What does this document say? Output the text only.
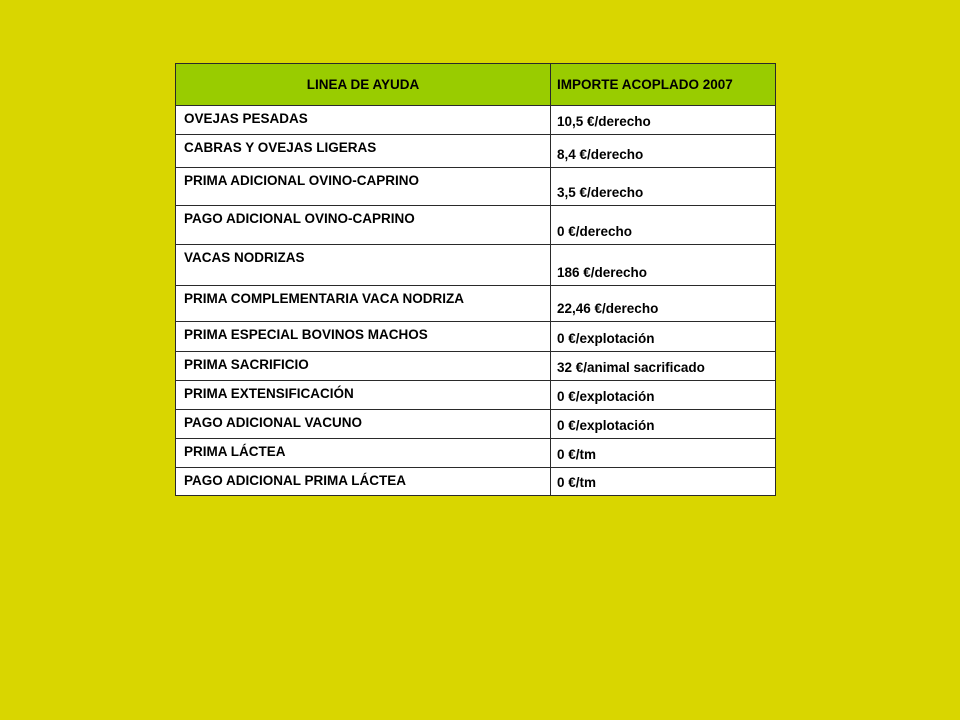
LINEA DE AYUDA	IMPORTE ACOPLADO 2007
OVEJAS PESADAS	10,5 €/derecho
CABRAS Y OVEJAS LIGERAS	8,4 €/derecho
PRIMA ADICIONAL OVINO-CAPRINO	3,5 €/derecho
PAGO ADICIONAL OVINO-CAPRINO	0 €/derecho
VACAS NODRIZAS	186 €/derecho
PRIMA COMPLEMENTARIA VACA NODRIZA	22,46 €/derecho
PRIMA ESPECIAL BOVINOS MACHOS	0 €/explotación
PRIMA SACRIFICIO	32 €/animal sacrificado
PRIMA EXTENSIFICACIÓN	0 €/explotación
PAGO ADICIONAL VACUNO	0 €/explotación
PRIMA LÁCTEA	0 €/tm
PAGO ADICIONAL PRIMA LÁCTEA	0 €/tm
